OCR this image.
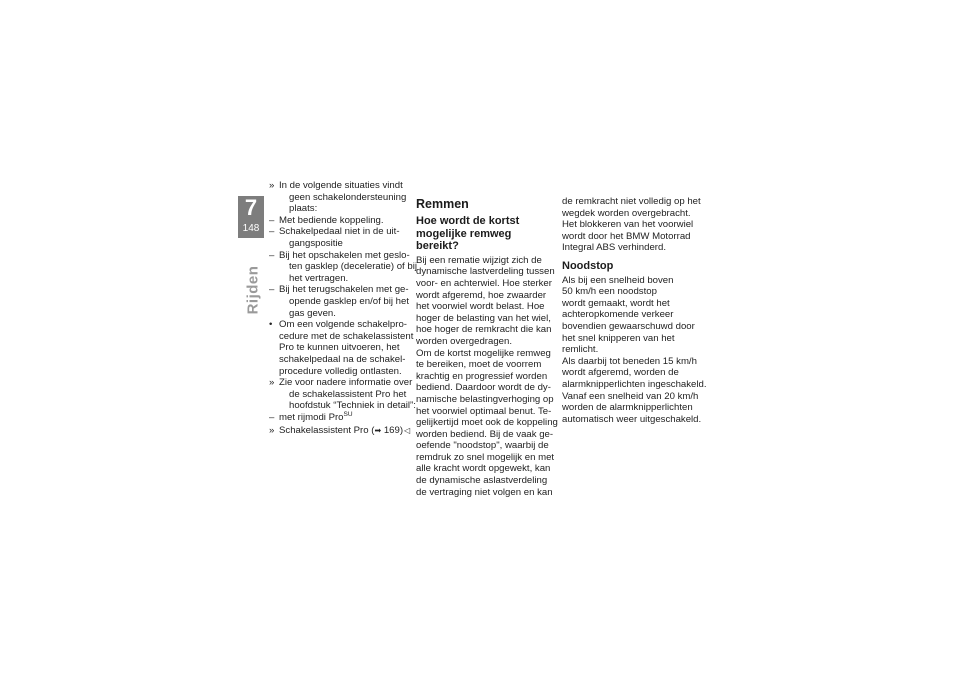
7
148
Rijden
» In de volgende situaties vindt
geen schakelondersteuning
plaats:
– Met bediende koppeling.
– Schakelpedaal niet in de uit-
gangspositie
– Bij het opschakelen met geslo-
ten gasklep (deceleratie) of bij
het vertragen.
– Bij het terugschakelen met ge-
opende gasklep en/of bij het
gas geven.
• Om een volgende schakelpro-
cedure met de schakelassistent
Pro te kunnen uitvoeren, het
schakelpedaal na de schakel-
procedure volledig ontlasten.
» Zie voor nadere informatie over
de schakelassistent Pro het
hoofdstuk “Techniek in detail”:
– met rijmodi Pro$^{SU}$
» Schakelassistent Pro (➡ 169)◁
Remmen
Hoe wordt de kortst
mogelijke remweg
bereikt?
Bij een rematie wijzigt zich de
dynamische lastverdeling tussen
voor- en achterwiel. Hoe sterker
wordt afgeremd, hoe zwaarder
het voorwiel wordt belast. Hoe
hoger de belasting van het wiel,
hoe hoger de remkracht die kan
worden overgedragen.
Om de kortst mogelijke remweg
te bereiken, moet de voorrem
krachtig en progressief worden
bediend. Daardoor wordt de dy-
namische belastingverhoging op
het voorwiel optimaal benut. Te-
gelijkertijd moet ook de koppeling
worden bediend. Bij de vaak ge-
oefende "noodstop", waarbij de
remdruk zo snel mogelijk en met
alle kracht wordt opgewekt, kan
de dynamische aslastverdeling
de vertraging niet volgen en kan
de remkracht niet volledig op het
wegdek worden overgebracht.
Het blokkeren van het voorwiel
wordt door het BMW Motorrad
Integral ABS verhinderd.
Noodstop
Als bij een snelheid boven
50 km/h een noodstop
wordt gemaakt, wordt het
achteropkomende verkeer
bovendien gewaarschuwd door
het snel knipperen van het
remlicht.
Als daarbij tot beneden 15 km/h
wordt afgeremd, worden de
alarmknipperlichten ingeschakeld.
Vanaf een snelheid van 20 km/h
worden de alarmknipperlichten
automatisch weer uitgeschakeld.
